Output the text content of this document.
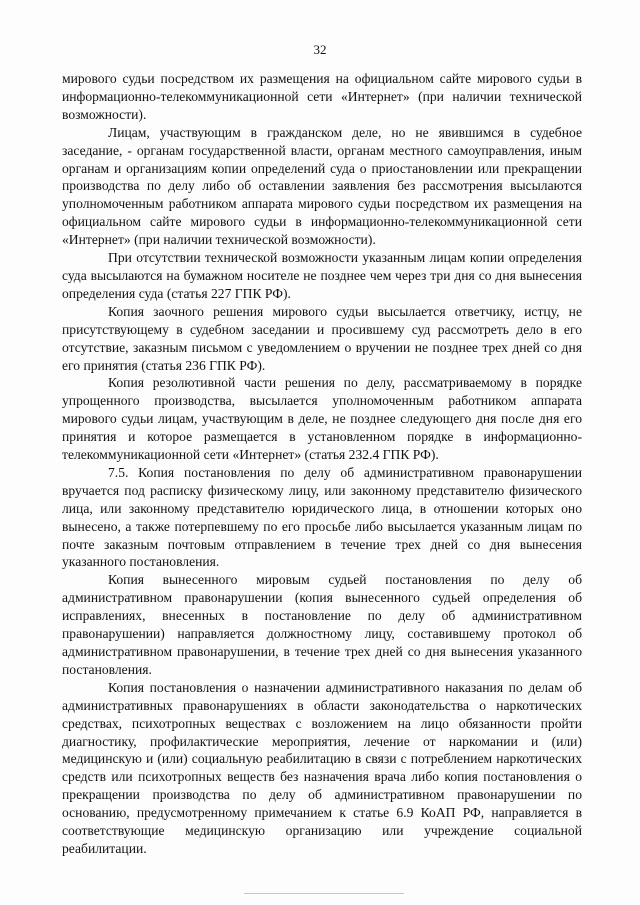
32

мирового судьи посредством их размещения на официальном сайте мирового судьи в информационно-телекоммуникационной сети «Интернет» (при наличии технической возможности).

Лицам, участвующим в гражданском деле, но не явившимся в судебное заседание, - органам государственной власти, органам местного самоуправления, иным органам и организациям копии определений суда о приостановлении или прекращении производства по делу либо об оставлении заявления без рассмотрения высылаются уполномоченным работником аппарата мирового судьи посредством их размещения на официальном сайте мирового судьи в информационно-телекоммуникационной сети «Интернет» (при наличии технической возможности).

При отсутствии технической возможности указанным лицам копии определения суда высылаются на бумажном носителе не позднее чем через три дня со дня вынесения определения суда (статья 227 ГПК РФ).

Копия заочного решения мирового судьи высылается ответчику, истцу, не присутствующему в судебном заседании и просившему суд рассмотреть дело в его отсутствие, заказным письмом с уведомлением о вручении не позднее трех дней со дня его принятия (статья 236 ГПК РФ).

Копия резолютивной части решения по делу, рассматриваемому в порядке упрощенного производства, высылается уполномоченным работником аппарата мирового судьи лицам, участвующим в деле, не позднее следующего дня после дня его принятия и которое размещается в установленном порядке в информационно-телекоммуникационной сети «Интернет» (статья 232.4 ГПК РФ).

7.5. Копия постановления по делу об административном правонарушении вручается под расписку физическому лицу, или законному представителю физического лица, или законному представителю юридического лица, в отношении которых оно вынесено, а также потерпевшему по его просьбе либо высылается указанным лицам по почте заказным почтовым отправлением в течение трех дней со дня вынесения указанного постановления.

Копия вынесенного мировым судьей постановления по делу об административном правонарушении (копия вынесенного судьей определения об исправлениях, внесенных в постановление по делу об административном правонарушении) направляется должностному лицу, составившему протокол об административном правонарушении, в течение трех дней со дня вынесения указанного постановления.

Копия постановления о назначении административного наказания по делам об административных правонарушениях в области законодательства о наркотических средствах, психотропных веществах с возложением на лицо обязанности пройти диагностику, профилактические мероприятия, лечение от наркомании и (или) медицинскую и (или) социальную реабилитацию в связи с потреблением наркотических средств или психотропных веществ без назначения врача либо копия постановления о прекращении производства по делу об административном правонарушении по основанию, предусмотренному примечанием к статье 6.9 КоАП РФ, направляется в соответствующие медицинскую организацию или учреждение социальной реабилитации.
